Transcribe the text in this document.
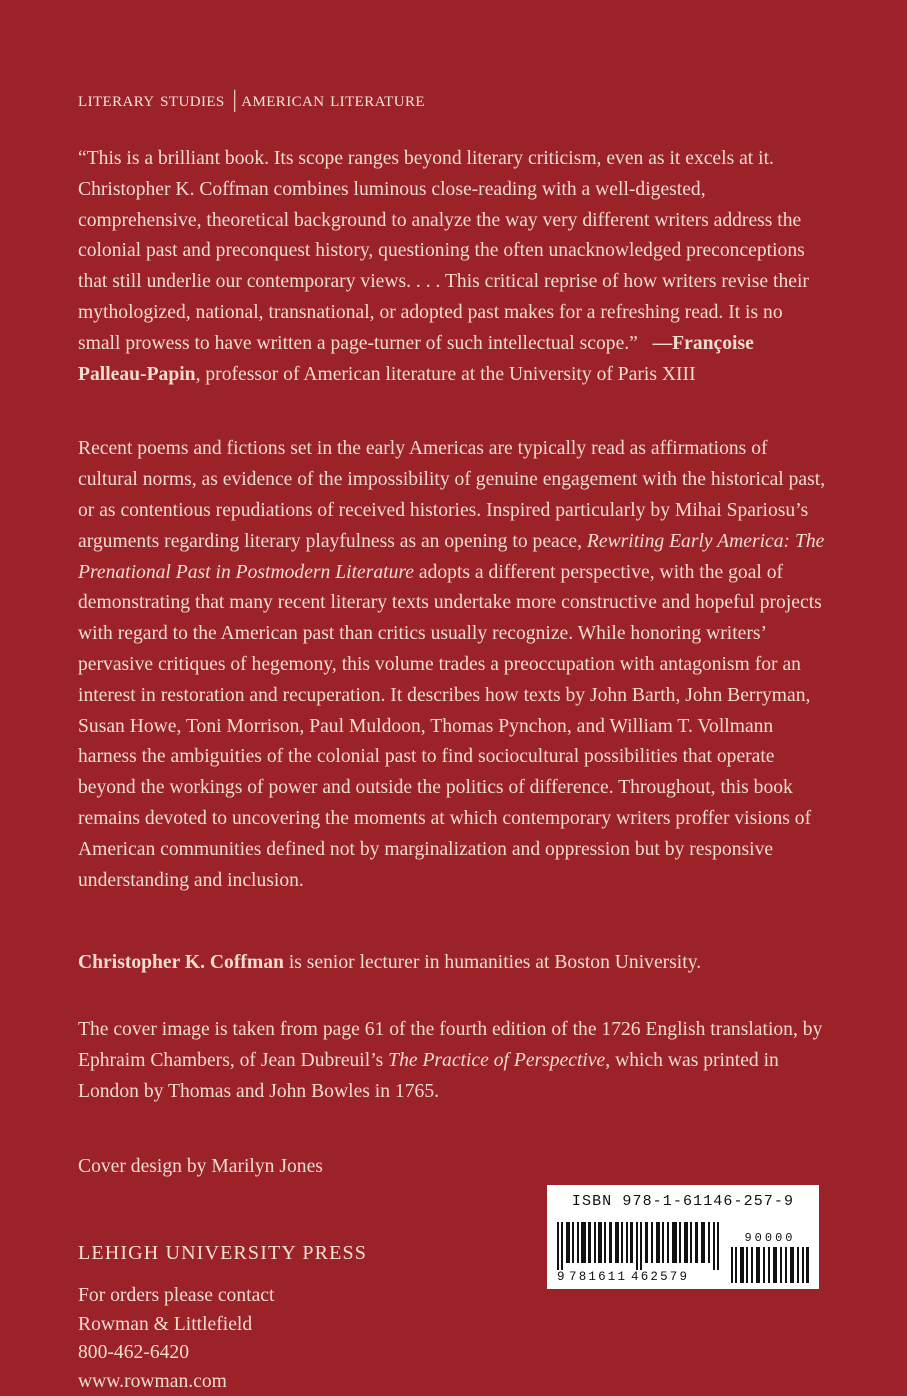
literary studies | american literature

“This is a brilliant book. Its scope ranges beyond literary criticism, even as it excels at it. Christopher K. Coffman combines luminous close-reading with a well-digested, comprehensive, theoretical background to analyze the way very different writers address the colonial past and preconquest history, questioning the often unacknowledged preconceptions that still underlie our contemporary views. . . . This critical reprise of how writers revise their mythologized, national, transnational, or adopted past makes for a refreshing read. It is no small prowess to have written a page-turner of such intellectual scope.” —Françoise Palleau-Papin, professor of American literature at the University of Paris XIII

Recent poems and fictions set in the early Americas are typically read as affirmations of cultural norms, as evidence of the impossibility of genuine engagement with the historical past, or as contentious repudiations of received histories. Inspired particularly by Mihai Spariosu’s arguments regarding literary playfulness as an opening to peace, Rewriting Early America: The Prenational Past in Postmodern Literature adopts a different perspective, with the goal of demonstrating that many recent literary texts undertake more constructive and hopeful projects with regard to the American past than critics usually recognize. While honoring writers’ pervasive critiques of hegemony, this volume trades a preoccupation with antagonism for an interest in restoration and recuperation. It describes how texts by John Barth, John Berryman, Susan Howe, Toni Morrison, Paul Muldoon, Thomas Pynchon, and William T. Vollmann harness the ambiguities of the colonial past to find sociocultural possibilities that operate beyond the workings of power and outside the politics of difference. Throughout, this book remains devoted to uncovering the moments at which contemporary writers proffer visions of American communities defined not by marginalization and oppression but by responsive understanding and inclusion.

Christopher K. Coffman is senior lecturer in humanities at Boston University.

The cover image is taken from page 61 of the fourth edition of the 1726 English translation, by Ephraim Chambers, of Jean Dubreuil’s The Practice of Perspective, which was printed in London by Thomas and John Bowles in 1765.

Cover design by Marilyn Jones

LEHIGH UNIVERSITY PRESS
For orders please contact
Rowman & Littlefield
800-462-6420
www.rowman.com
ISBN 978-1-61146-257-9
9 781611 462579
90000
